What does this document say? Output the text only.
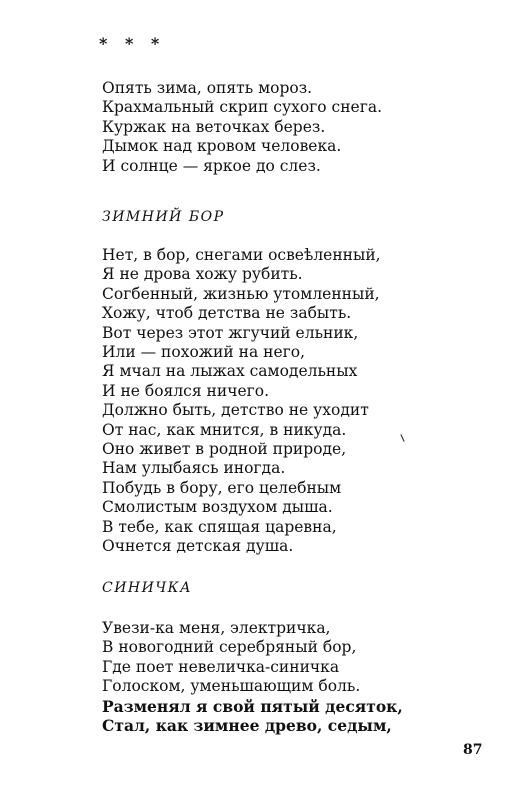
* * *
Опять зима, опять мороз.
Крахмальный скрип сухого снега.
Куржак на веточках берез.
Дымок над кровом человека.
И солнце — яркое до слез.
ЗИМНИЙ БОР
Нет, в бор, снегами освеѣленный,
Я не дрова хожу рубить.
Согбенный, жизнью утомленный,
Хожу, чтоб детства не забыть.
Вот через этот жгучий ельник,
Или — похожий на него,
Я мчал на лыжах самодельных
И не боялся ничего.
Должно быть, детство не уходит
От нас, как мнится, в никуда.
Оно живет в родной природе,
Нам улыбаясь иногда.
Побудь в бору, его целебным
Смолистым воздухом дыша.
В тебе, как спящая царевна,
Очнется детская душа.
СИНИЧКА
Увези-ка меня, электричка,
В новогодний серебряный бор,
Где поет невеличка-синичка
Голоском, уменьшающим боль.
Разменял я свой пятый десяток,
Стал, как зимнее древо, седым,
87
